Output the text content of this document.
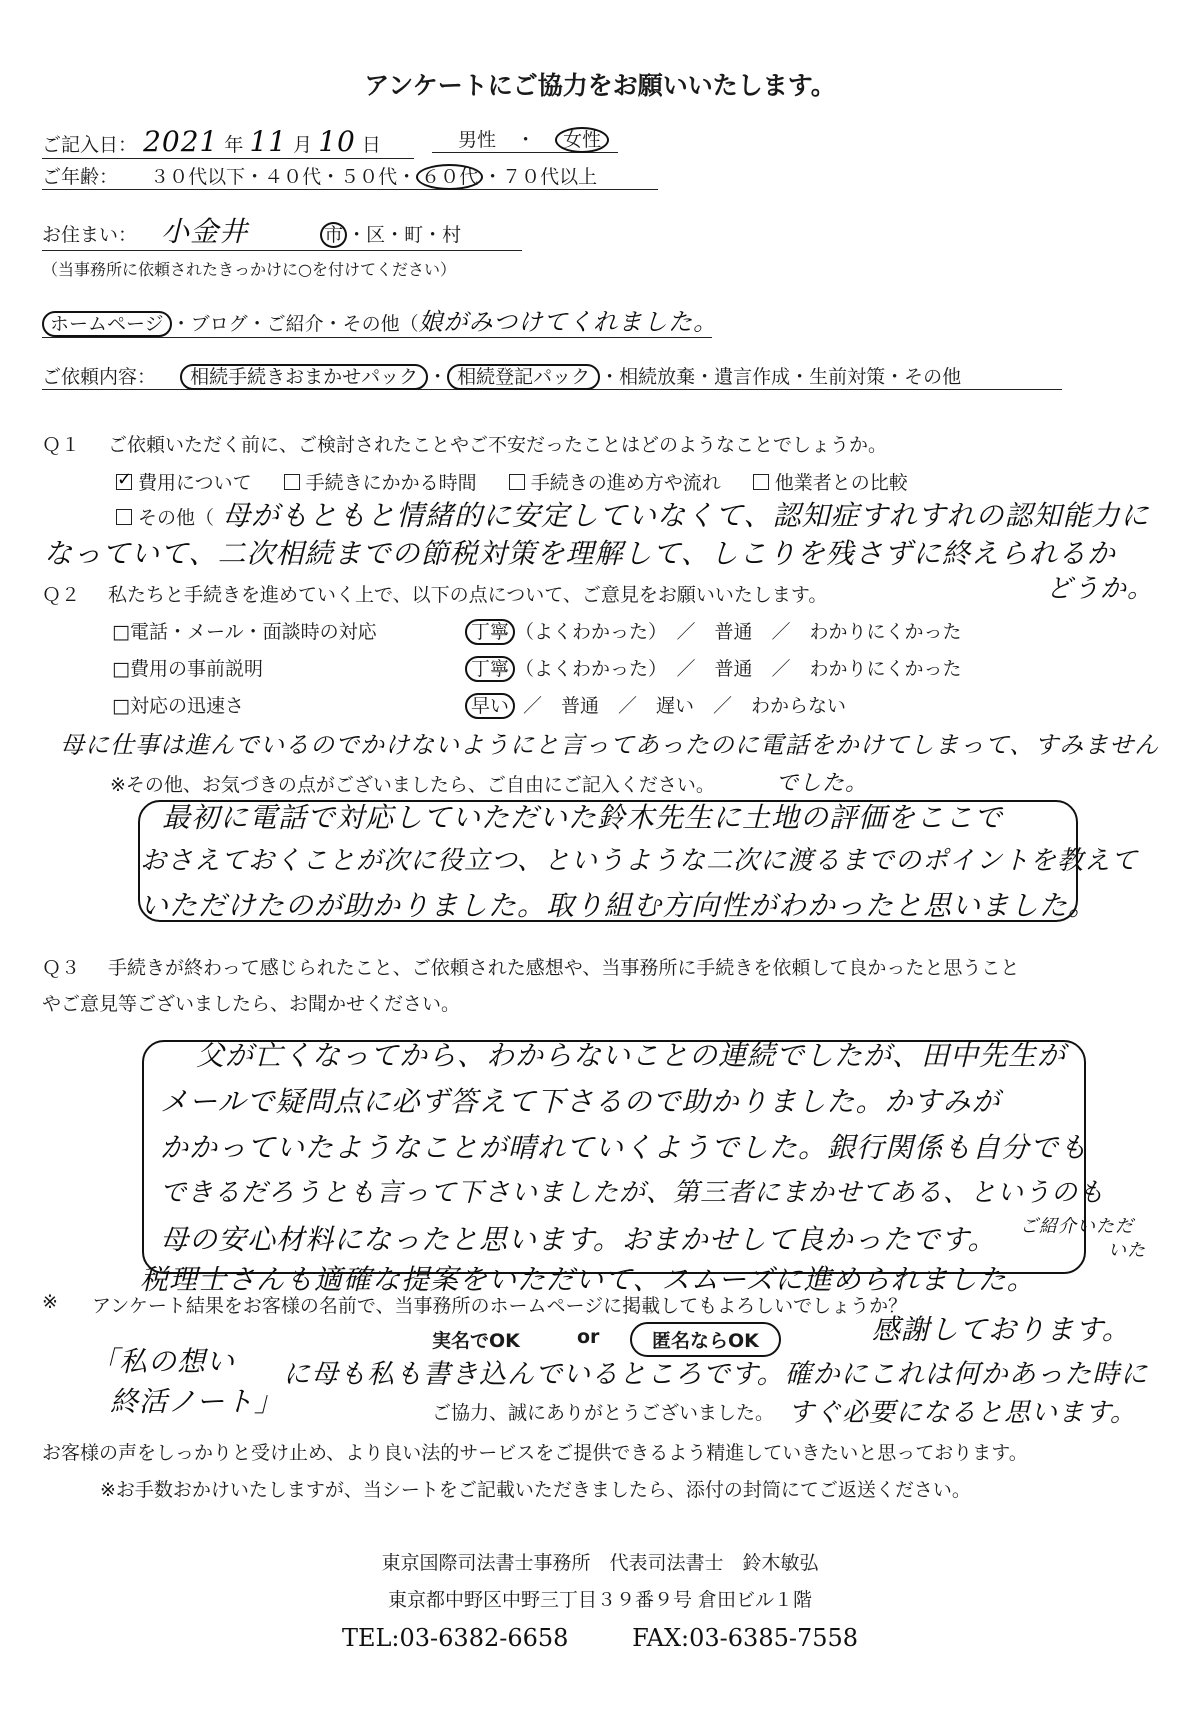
アンケートにご協力をお願いいたします。
ご記入日： 2021 年 11 月 10 日	男性 ・ 女性
ご年齢： ３０代以下・４０代・５０代・ ６０代 ・７０代以上
お住まい： 小金井	市 ・区・町・村
（当事務所に依頼されたきっかけに○を付けてください）
ホームページ ・ブログ・ご紹介・その他（娘がみつけてくれました。
ご依頼内容： 相続手続きおまかせパック ・ 相続登記パック ・相続放棄・遺言作成・生前対策・その他
Ｑ１ ご依頼いただく前に、ご検討されたことやご不安だったことはどのようなことでしょうか。
✓費用について	手続きにかかる時間	手続きの進め方や流れ	他業者との比較
その他（ 母がもともと情緒的に安定していなくて、認知症すれすれの認知能力に
なっていて、二次相続までの節税対策を理解して、しこりを残さずに終えられるか
どうか。
Ｑ２ 私たちと手続きを進めていく上で、以下の点について、ご意見をお願いいたします。
□電話・メール・面談時の対応	丁寧 （よくわかった）　／　普通　／　わかりにくかった
□費用の事前説明	丁寧 （よくわかった）　／　普通　／　わかりにくかった
□対応の迅速さ	早い ／　普通　／　遅い　／　わからない
母に仕事は進んでいるのでかけないようにと言ってあったのに電話をかけてしまって、すみません
※その他、お気づきの点がございましたら、ご自由にご記入ください。	でした。
最初に電話で対応していただいた鈴木先生に土地の評価をここで
おさえておくことが次に役立つ、というような二次に渡るまでのポイントを教えて
いただけたのが助かりました。取り組む方向性がわかったと思いました。
Ｑ３ 手続きが終わって感じられたこと、ご依頼された感想や、当事務所に手続きを依頼して良かったと思うこと
やご意見等ございましたら、お聞かせください。
父が亡くなってから、わからないことの連続でしたが、田中先生が
メールで疑問点に必ず答えて下さるので助かりました。かすみが
かかっていたようなことが晴れていくようでした。銀行関係も自分でも
できるだろうとも言って下さいましたが、第三者にまかせてある、というのも
母の安心材料になったと思います。おまかせして良かったです。 ご紹介いただ
いた
税理士さんも適確な提案をいただいて、スムーズに進められました。
※ アンケート結果をお客様の名前で、当事務所のホームページに掲載してもよろしいでしょうか？
実名でOK	or	匿名ならOK	感謝しております。
「私の想い
終活ノート」
に母も私も書き込んでいるところです。確かにこれは何かあった時に
ご協力、誠にありがとうございました。 すぐ必要になると思います。
お客様の声をしっかりと受け止め、より良い法的サービスをご提供できるよう精進していきたいと思っております。
※お手数おかけいたしますが、当シートをご記載いただきましたら、添付の封筒にてご返送ください。
東京国際司法書士事務所　代表司法書士　鈴木敏弘
東京都中野区中野三丁目３９番９号 倉田ビル１階
TEL:03-6382-6658	FAX:03-6385-7558
